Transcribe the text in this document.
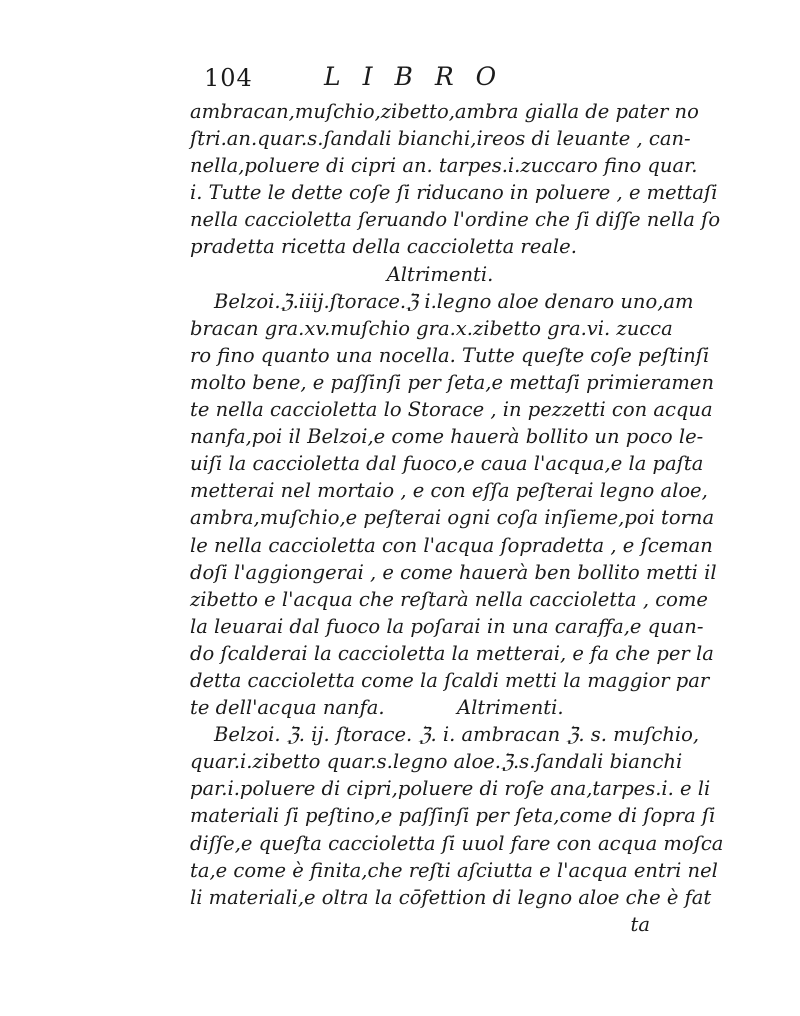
104	LIBRO
ambracan,muſchio,zibetto,ambra gialla de pater no
ſtri.an.quar.s.ſandali bianchi,ireos di leuante , can-
nella,poluere di cipri an. tarpes.i.zuccaro fino quar.
i. Tutte le dette coſe ſi riducano in poluere , e mettaſi
nella caccioletta ſeruando l'ordine che ſi diſſe nella ſo
pradetta ricetta della caccioletta reale.
Altrimenti.
Belzoi.ℨ.iiij.ſtorace.ℨ i.legno aloe denaro uno,am
bracan gra.xv.muſchio gra.x.zibetto gra.vi. zucca
ro fino quanto una nocella. Tutte queſte coſe peſtinſi
molto bene, e paſſinſi per ſeta,e mettaſi primieramen
te nella caccioletta lo Storace , in pezzetti con acqua
nanfa,poi il Belzoi,e come hauerà bollito un poco le-
uiſi la caccioletta dal fuoco,e caua l'acqua,e la paſta
metterai nel mortaio , e con eſſa peſterai legno aloe,
ambra,muſchio,e peſterai ogni coſa inſieme,poi torna
le nella caccioletta con l'acqua ſopradetta , e ſceman
doſi l'aggiongerai , e come hauerà ben bollito metti il
zibetto e l'acqua che reſtarà nella caccioletta , come
la leuarai dal fuoco la poſarai in una caraffa,e quan-
do ſcalderai la caccioletta la metterai, e fa che per la
detta caccioletta come la ſcaldi metti la maggior par
te dell'acqua nanfa.	Altrimenti.
Belzoi. ℨ. ij. ſtorace. ℨ. i. ambracan ℨ. s. muſchio,
quar.i.zibetto quar.s.legno aloe.ℨ.s.ſandali bianchi
par.i.poluere di cipri,poluere di roſe ana,tarpes.i. e li
materiali ſi peſtino,e paſſinſi per ſeta,come di ſopra ſi
diſſe,e queſta caccioletta ſi uuol fare con acqua moſca
ta,e come è finita,che reſti aſciutta e l'acqua entri nel
li materiali,e oltra la cōfettion di legno aloe che è fat
ta
